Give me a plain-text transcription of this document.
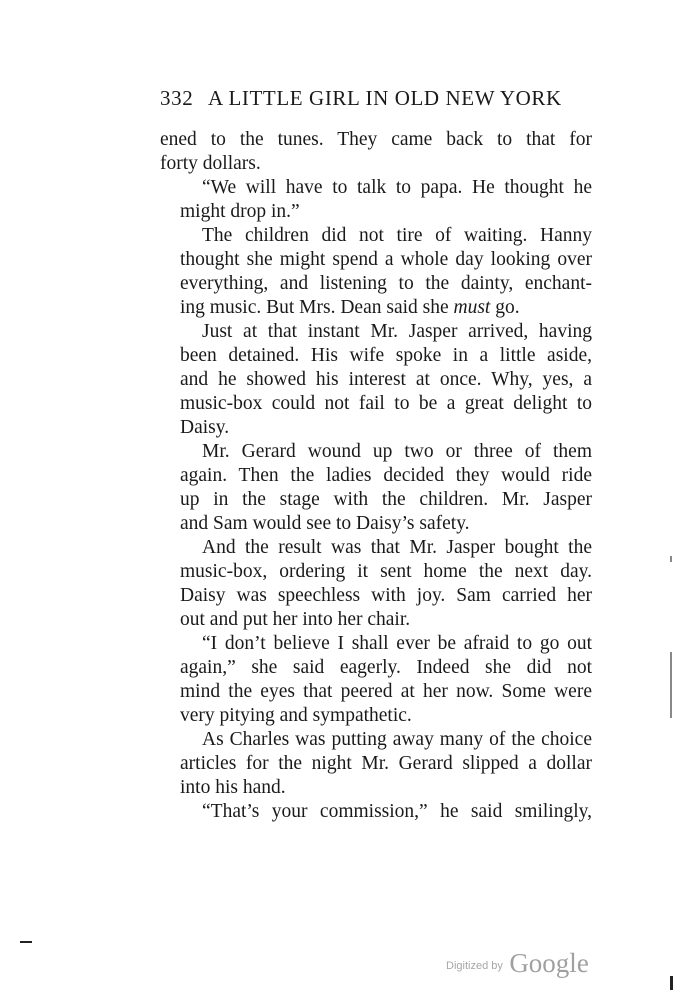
332 A LITTLE GIRL IN OLD NEW YORK

ened to the tunes. They came back to that for
forty dollars.

“We will have to talk to papa. He thought he
might drop in.”

The children did not tire of waiting. Hanny
thought she might spend a whole day looking over
everything, and listening to the dainty, enchant-
ing music. But Mrs. Dean said she must go.

Just at that instant Mr. Jasper arrived, having
been detained. His wife spoke in a little aside,
and he showed his interest at once. Why, yes, a
music-box could not fail to be a great delight to
Daisy.

Mr. Gerard wound up two or three of them
again. Then the ladies decided they would ride
up in the stage with the children. Mr. Jasper
and Sam would see to Daisy’s safety.

And the result was that Mr. Jasper bought the
music-box, ordering it sent home the next day.
Daisy was speechless with joy. Sam carried her
out and put her into her chair.

“I don’t believe I shall ever be afraid to go out
again,” she said eagerly. Indeed she did not
mind the eyes that peered at her now. Some were
very pitying and sympathetic.

As Charles was putting away many of the choice
articles for the night Mr. Gerard slipped a dollar
into his hand.

“That’s your commission,” he said smilingly,

Digitized by Google
